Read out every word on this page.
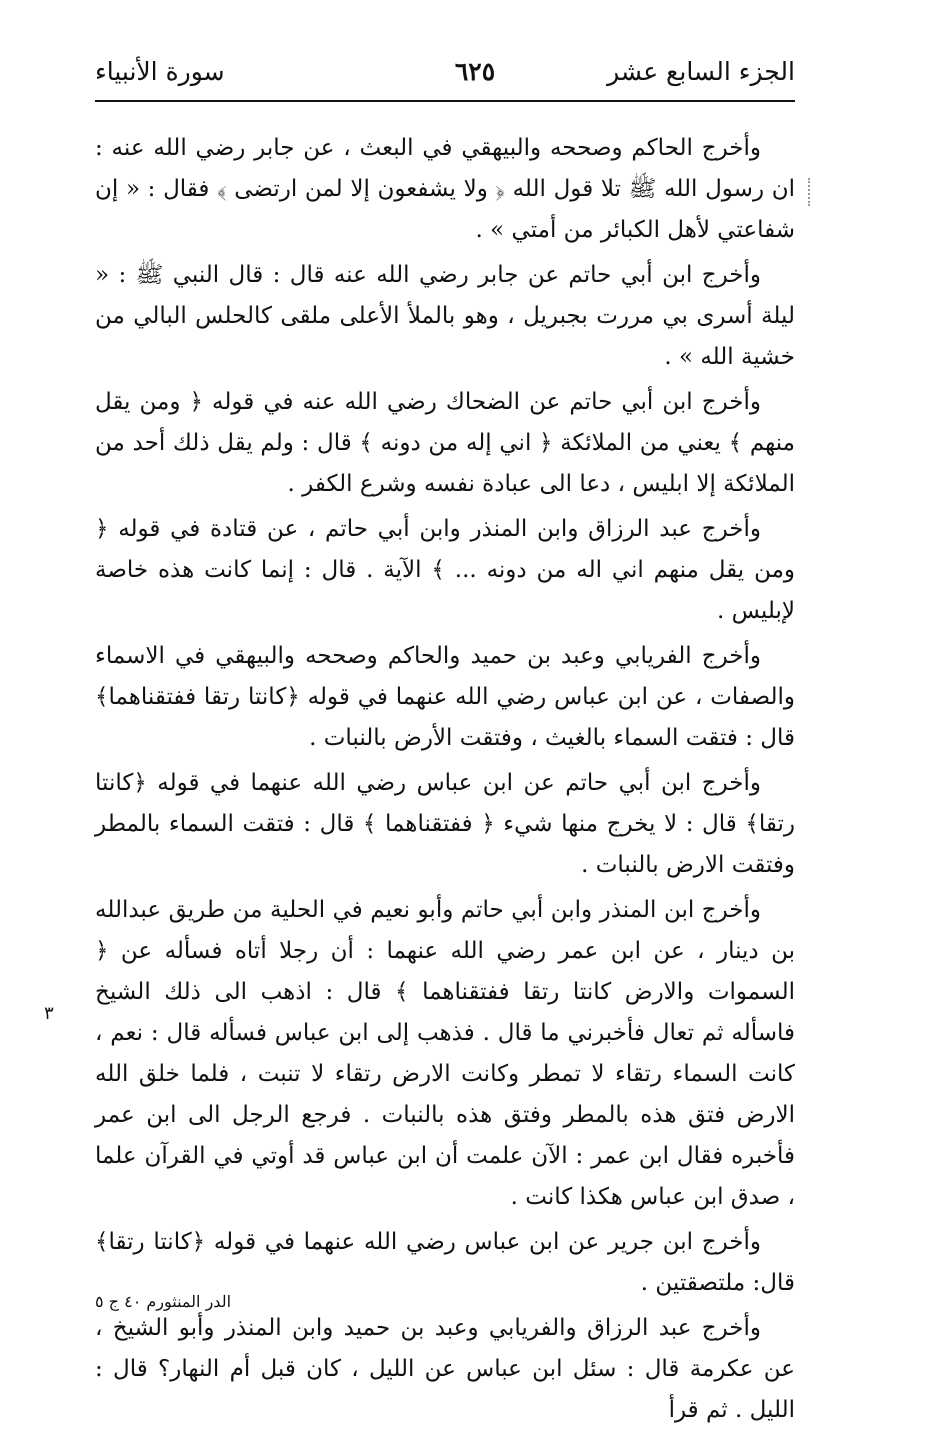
الجزء السابع عشر
٦٢٥
سورة الأنبياء
٣

وأخرج الحاكم وصححه والبيهقي في البعث ، عن جابر رضي الله عنه : ان رسول الله ﷺ تلا قول الله ﴿ ولا يشفعون إلا لمن ارتضى ﴾ فقال : « إن شفاعتي لأهل الكبائر من أمتي » .

وأخرج ابن أبي حاتم عن جابر رضي الله عنه قال : قال النبي ﷺ : « ليلة أسرى بي مررت بجبريل ، وهو بالملأ الأعلى ملقى كالحلس البالي من خشية الله » .

وأخرج ابن أبي حاتم عن الضحاك رضي الله عنه في قوله ﴿ ومن يقل منهم ﴾ يعني من الملائكة ﴿ اني إله من دونه ﴾ قال : ولم يقل ذلك أحد من الملائكة إلا ابليس ، دعا الى عبادة نفسه وشرع الكفر .

وأخرج عبد الرزاق وابن المنذر وابن أبي حاتم ، عن قتادة في قوله ﴿ ومن يقل منهم اني اله من دونه ... ﴾ الآية . قال : إنما كانت هذه خاصة لإبليس .

وأخرج الفريابي وعبد بن حميد والحاكم وصححه والبيهقي في الاسماء والصفات ، عن ابن عباس رضي الله عنهما في قوله ﴿كانتا رتقا ففتقناهما﴾ قال : فتقت السماء بالغيث ، وفتقت الأرض بالنبات .

وأخرج ابن أبي حاتم عن ابن عباس رضي الله عنهما في قوله ﴿كانتا رتقا﴾ قال : لا يخرج منها شيء ﴿ ففتقناهما ﴾ قال : فتقت السماء بالمطر وفتقت الارض بالنبات .

وأخرج ابن المنذر وابن أبي حاتم وأبو نعيم في الحلية من طريق عبدالله بن دينار ، عن ابن عمر رضي الله عنهما : أن رجلا أتاه فسأله عن ﴿ السموات والارض كانتا رتقا ففتقناهما ﴾ قال : اذهب الى ذلك الشيخ فاسأله ثم تعال فأخبرني ما قال . فذهب إلى ابن عباس فسأله قال : نعم ، كانت السماء رتقاء لا تمطر وكانت الارض رتقاء لا تنبت ، فلما خلق الله الارض فتق هذه بالمطر وفتق هذه بالنبات . فرجع الرجل الى ابن عمر فأخبره فقال ابن عمر : الآن علمت أن ابن عباس قد أوتي في القرآن علما ، صدق ابن عباس هكذا كانت .

وأخرج ابن جرير عن ابن عباس رضي الله عنهما في قوله ﴿كانتا رتقا﴾ قال: ملتصقتين .

وأخرج عبد الرزاق والفريابي وعبد بن حميد وابن المنذر وأبو الشيخ ، عن عكرمة قال : سئل ابن عباس عن الليل ، كان قبل أم النهار؟ قال : الليل . ثم قرأ

الدر المنثورم ٤٠ ج ٥
